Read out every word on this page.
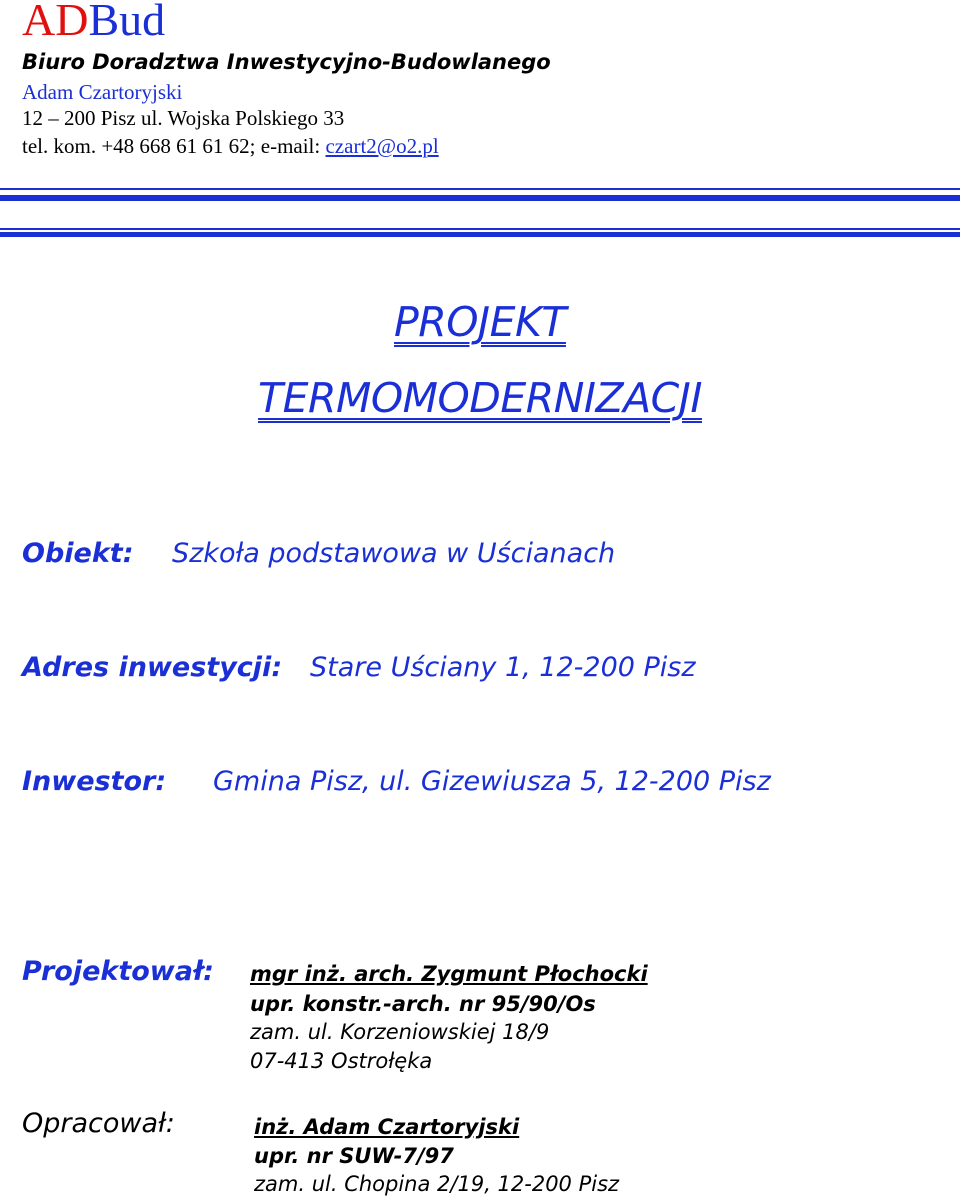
ADBud
Biuro Doradztwa Inwestycyjno-Budowlanego
Adam Czartoryjski
12 – 200 Pisz ul. Wojska Polskiego 33
tel. kom. +48 668 61 61 62; e-mail: czart2@o2.pl
PROJEKT
TERMOMODERNIZACJI
Obiekt: Szkoła podstawowa w Uścianach
Adres inwestycji: Stare Uściany 1, 12-200 Pisz
Inwestor: Gmina Pisz, ul. Gizewiusza 5, 12-200 Pisz
Projektował: mgr inż. arch. Zygmunt Płochocki
upr. konstr.-arch. nr 95/90/Os
zam. ul. Korzeniowskiej 18/9
07-413 Ostrołęka
Opracował:	inż. Adam Czartoryjski
upr. nr SUW-7/97
zam. ul. Chopina 2/19, 12-200 Pisz
